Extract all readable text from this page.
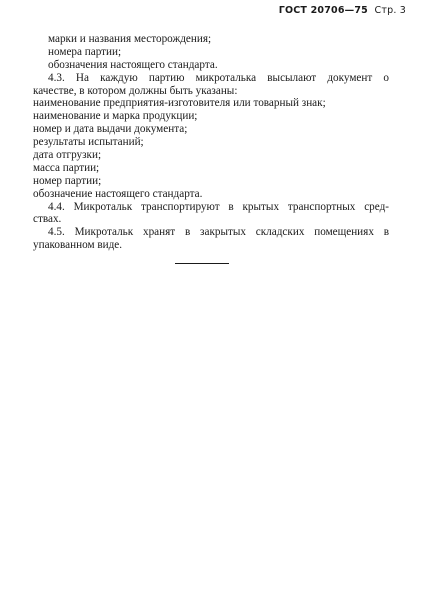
ГОСТ 20706—75 Стр. 3
марки и названия месторождения;
номера партии;
обозначения настоящего стандарта.
4.3. На каждую партию микроталька высылают документ о
качестве, в котором должны быть указаны:
наименование предприятия-изготовителя или товарный знак;
наименование и марка продукции;
номер и дата выдачи документа;
результаты испытаний;
дата отгрузки;
масса партии;
номер партии;
обозначение настоящего стандарта.
4.4. Микротальк транспортируют в крытых транспортных сред-
ствах.
4.5. Микротальк хранят в закрытых складских помещениях в
упакованном виде.
